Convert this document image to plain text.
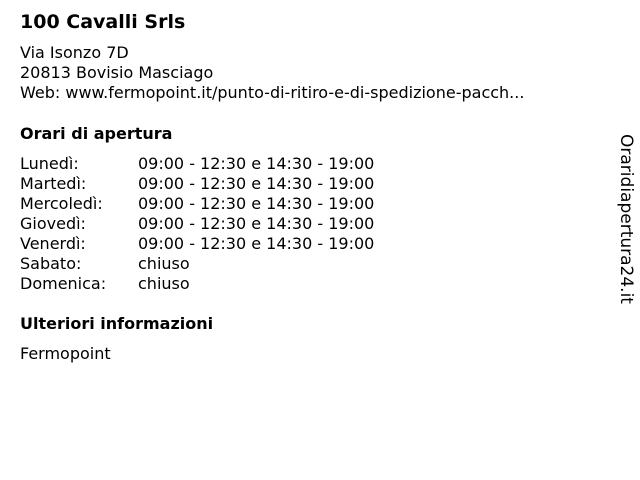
100 Cavalli Srls
Via Isonzo 7D
20813 Bovisio Masciago
Web: www.fermopoint.it/punto-di-ritiro-e-di-spedizione-pacch...
Orari di apertura
Lunedì:	09:00 - 12:30 e 14:30 - 19:00
Martedì:	09:00 - 12:30 e 14:30 - 19:00
Mercoledì:	09:00 - 12:30 e 14:30 - 19:00
Giovedì:	09:00 - 12:30 e 14:30 - 19:00
Venerdì:	09:00 - 12:30 e 14:30 - 19:00
Sabato:	chiuso
Domenica:	chiuso
Ulteriori informazioni
Fermopoint
Oraridiapertura24.it
